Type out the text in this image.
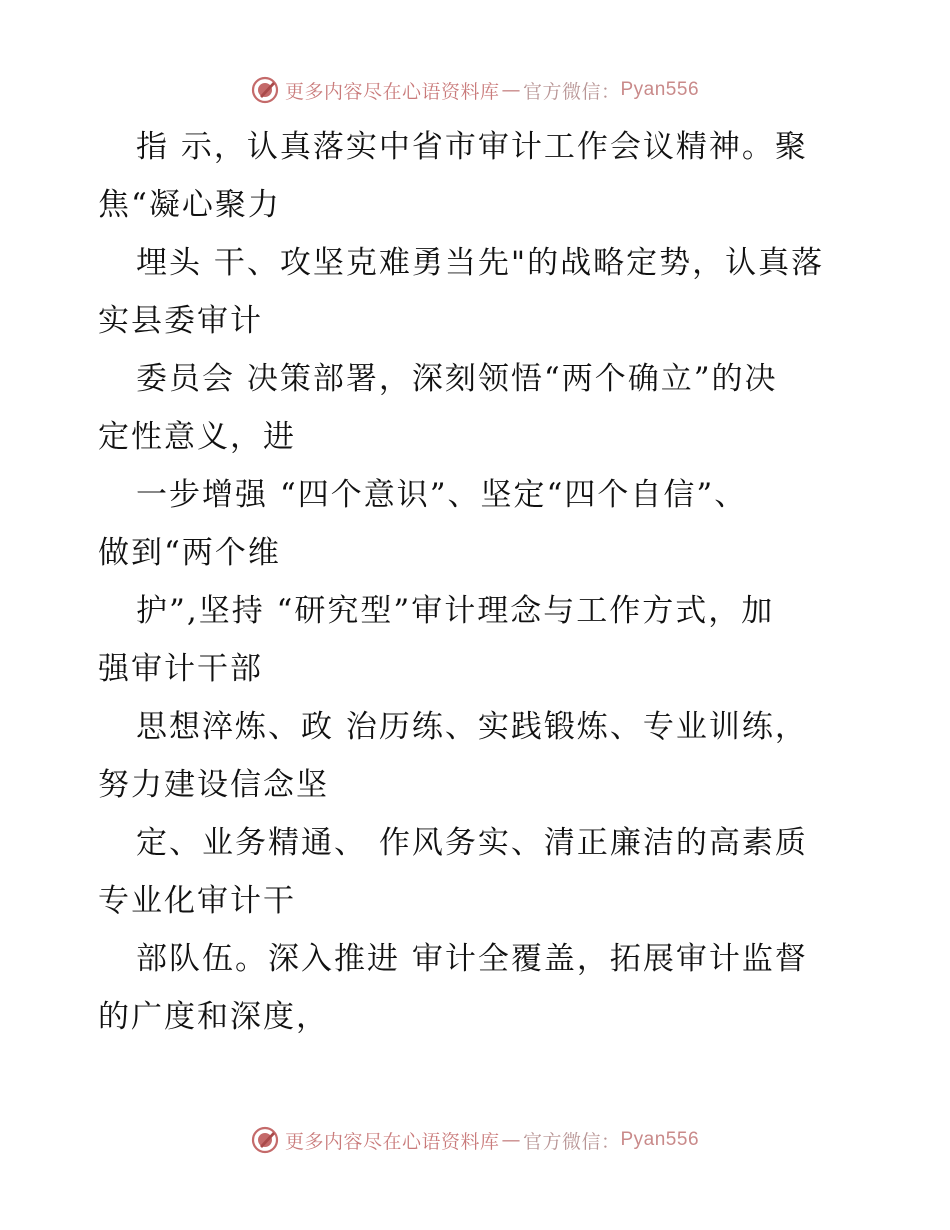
更多内容尽在心语资料库 — 官方微信： Pyan556
指 示，认真落实中省市审计工作会议精神。聚
焦“凝心聚力
埋头 干、攻坚克难勇当先"的战略定势，认真落
实县委审计
委员会 决策部署，深刻领悟“两个确立”的决
定性意义，进
一步增强 “四个意识”、坚定“四个自信”、
做到“两个维
护”,坚持 “研究型”审计理念与工作方式，加
强审计干部
思想淬炼、政 治历练、实践锻炼、专业训练，
努力建设信念坚
定、业务精通、 作风务实、清正廉洁的高素质
专业化审计干
部队伍。深入推进 审计全覆盖，拓展审计监督
的广度和深度，
更多内容尽在心语资料库 — 官方微信： Pyan556
